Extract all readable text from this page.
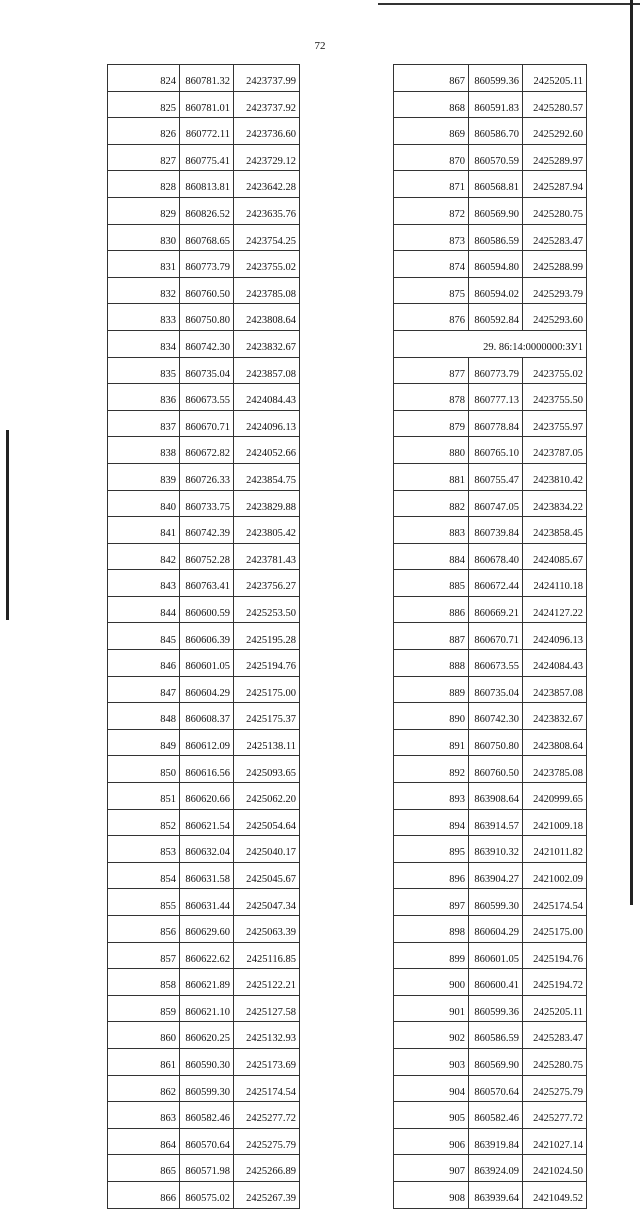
72
824	860781.32	2423737.99
825	860781.01	2423737.92
826	860772.11	2423736.60
827	860775.41	2423729.12
828	860813.81	2423642.28
829	860826.52	2423635.76
830	860768.65	2423754.25
831	860773.79	2423755.02
832	860760.50	2423785.08
833	860750.80	2423808.64
834	860742.30	2423832.67
835	860735.04	2423857.08
836	860673.55	2424084.43
837	860670.71	2424096.13
838	860672.82	2424052.66
839	860726.33	2423854.75
840	860733.75	2423829.88
841	860742.39	2423805.42
842	860752.28	2423781.43
843	860763.41	2423756.27
844	860600.59	2425253.50
845	860606.39	2425195.28
846	860601.05	2425194.76
847	860604.29	2425175.00
848	860608.37	2425175.37
849	860612.09	2425138.11
850	860616.56	2425093.65
851	860620.66	2425062.20
852	860621.54	2425054.64
853	860632.04	2425040.17
854	860631.58	2425045.67
855	860631.44	2425047.34
856	860629.60	2425063.39
857	860622.62	2425116.85
858	860621.89	2425122.21
859	860621.10	2425127.58
860	860620.25	2425132.93
861	860590.30	2425173.69
862	860599.30	2425174.54
863	860582.46	2425277.72
864	860570.64	2425275.79
865	860571.98	2425266.89
866	860575.02	2425267.39
867	860599.36	2425205.11
868	860591.83	2425280.57
869	860586.70	2425292.60
870	860570.59	2425289.97
871	860568.81	2425287.94
872	860569.90	2425280.75
873	860586.59	2425283.47
874	860594.80	2425288.99
875	860594.02	2425293.79
876	860592.84	2425293.60
29. 86:14:0000000:ЗУ1		
877	860773.79	2423755.02
878	860777.13	2423755.50
879	860778.84	2423755.97
880	860765.10	2423787.05
881	860755.47	2423810.42
882	860747.05	2423834.22
883	860739.84	2423858.45
884	860678.40	2424085.67
885	860672.44	2424110.18
886	860669.21	2424127.22
887	860670.71	2424096.13
888	860673.55	2424084.43
889	860735.04	2423857.08
890	860742.30	2423832.67
891	860750.80	2423808.64
892	860760.50	2423785.08
893	863908.64	2420999.65
894	863914.57	2421009.18
895	863910.32	2421011.82
896	863904.27	2421002.09
897	860599.30	2425174.54
898	860604.29	2425175.00
899	860601.05	2425194.76
900	860600.41	2425194.72
901	860599.36	2425205.11
902	860586.59	2425283.47
903	860569.90	2425280.75
904	860570.64	2425275.79
905	860582.46	2425277.72
906	863919.84	2421027.14
907	863924.09	2421024.50
908	863939.64	2421049.52
